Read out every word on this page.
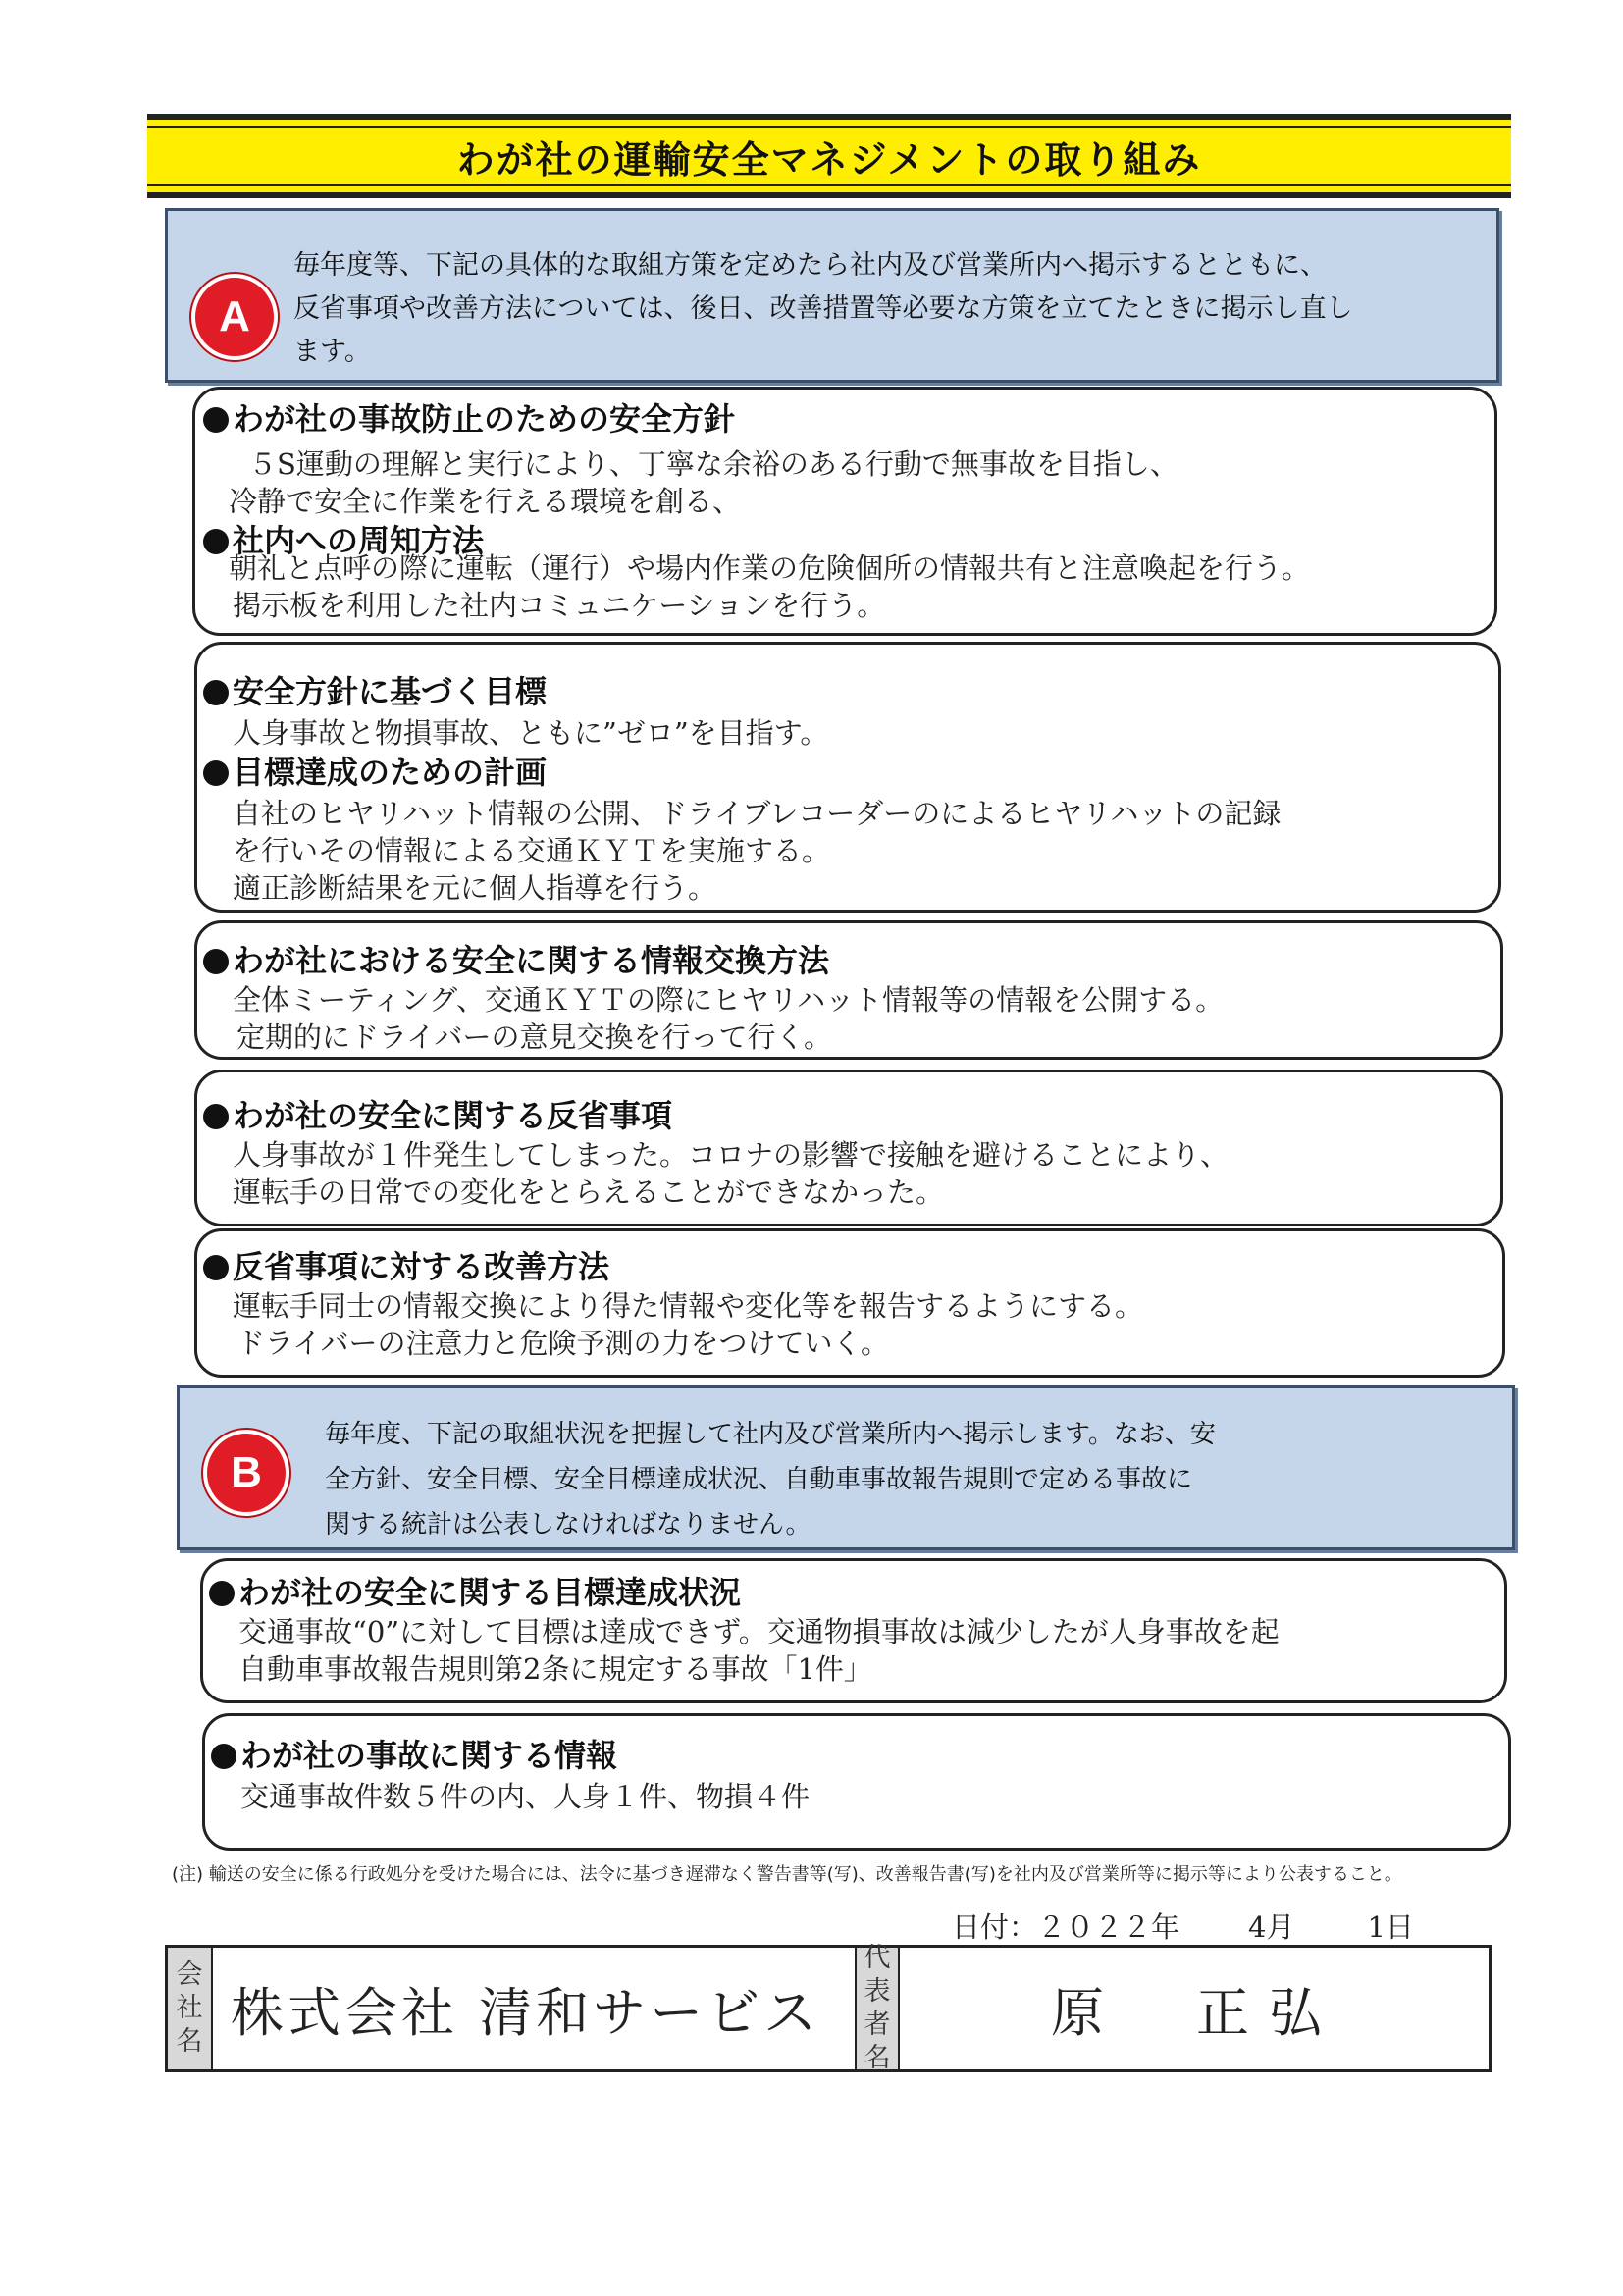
わが社の運輸安全マネジメントの取り組み
A
毎年度等、下記の具体的な取組方策を定めたら社内及び営業所内へ掲示するとともに、
反省事項や改善方法については、後日、改善措置等必要な方策を立てたときに掲示し直し
ます。
わが社の事故防止のための安全方針
５S運動の理解と実行により、丁寧な余裕のある行動で無事故を目指し、
冷静で安全に作業を行える環境を創る、
社内への周知方法
朝礼と点呼の際に運転（運行）や場内作業の危険個所の情報共有と注意喚起を行う。
掲示板を利用した社内コミュニケーションを行う。
安全方針に基づく目標
人身事故と物損事故、ともに”ゼロ”を目指す。
目標達成のための計画
自社のヒヤリハット情報の公開、ドライブレコーダーのによるヒヤリハットの記録
を行いその情報による交通ＫＹＴを実施する。
適正診断結果を元に個人指導を行う。
わが社における安全に関する情報交換方法
全体ミーティング、交通ＫＹＴの際にヒヤリハット情報等の情報を公開する。
定期的にドライバーの意見交換を行って行く。
わが社の安全に関する反省事項
人身事故が１件発生してしまった。コロナの影響で接触を避けることにより、
運転手の日常での変化をとらえることができなかった。
反省事項に対する改善方法
運転手同士の情報交換により得た情報や変化等を報告するようにする。
ドライバーの注意力と危険予測の力をつけていく。
B
毎年度、下記の取組状況を把握して社内及び営業所内へ掲示します。なお、安
全方針、安全目標、安全目標達成状況、自動車事故報告規則で定める事故に
関する統計は公表しなければなりません。
わが社の安全に関する目標達成状況
交通事故“0”に対して目標は達成できず。交通物損事故は減少したが人身事故を起
自動車事故報告規則第2条に規定する事故「1件」
わが社の事故に関する情報
交通事故件数５件の内、人身１件、物損４件
(注) 輸送の安全に係る行政処分を受けた場合には、法令に基づき遅滞なく警告書等(写)、改善報告書(写)を社内及び営業所等に掲示等により公表すること。
日付：２０２２年 4月	1日
会
社
名 株式会社 清和サービス
代
表
者
名
原　正弘
